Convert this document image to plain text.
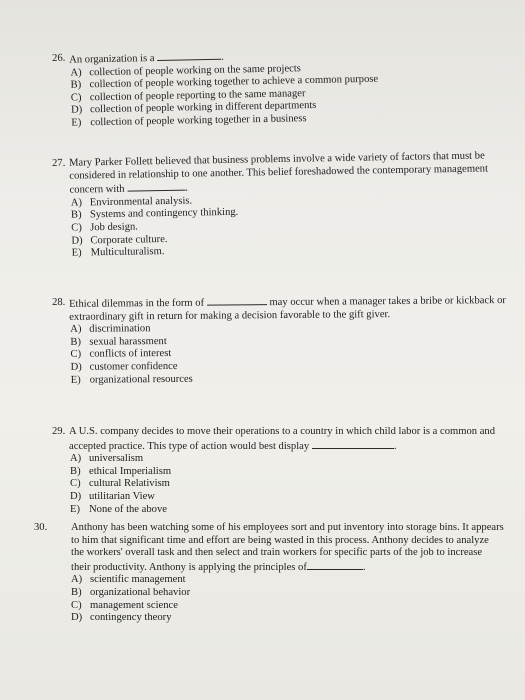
26. An organization is a	.
A) collection of people working on the same projects
B) collection of people working together to achieve a common purpose
C) collection of people reporting to the same manager
D) collection of people working in different departments
E) collection of people working together in a business
27. Mary Parker Follett believed that business problems involve a wide variety of factors that must be considered in relationship to one another. This belief foreshadowed the contemporary management concern with	.
A) Environmental analysis.
B) Systems and contingency thinking.
C) Job design.
D) Corporate culture.
E) Multiculturalism.
28. Ethical dilemmas in the form of	may occur when a manager takes a bribe or kickback or extraordinary gift in return for making a decision favorable to the gift giver.
A) discrimination
B) sexual harassment
C) conflicts of interest
D) customer confidence
E) organizational resources
29. A U.S. company decides to move their operations to a country in which child labor is a common and accepted practice. This type of action would best display	.
A) universalism
B) ethical Imperialism
C) cultural Relativism
D) utilitarian View
E) None of the above
30.	Anthony has been watching some of his employees sort and put inventory into storage bins. It appears to him that significant time and effort are being wasted in this process. Anthony decides to analyze the workers' overall task and then select and train workers for specific parts of the job to increase their productivity. Anthony is applying the principles of	.
A) scientific management
B) organizational behavior
C) management science
D) contingency theory
